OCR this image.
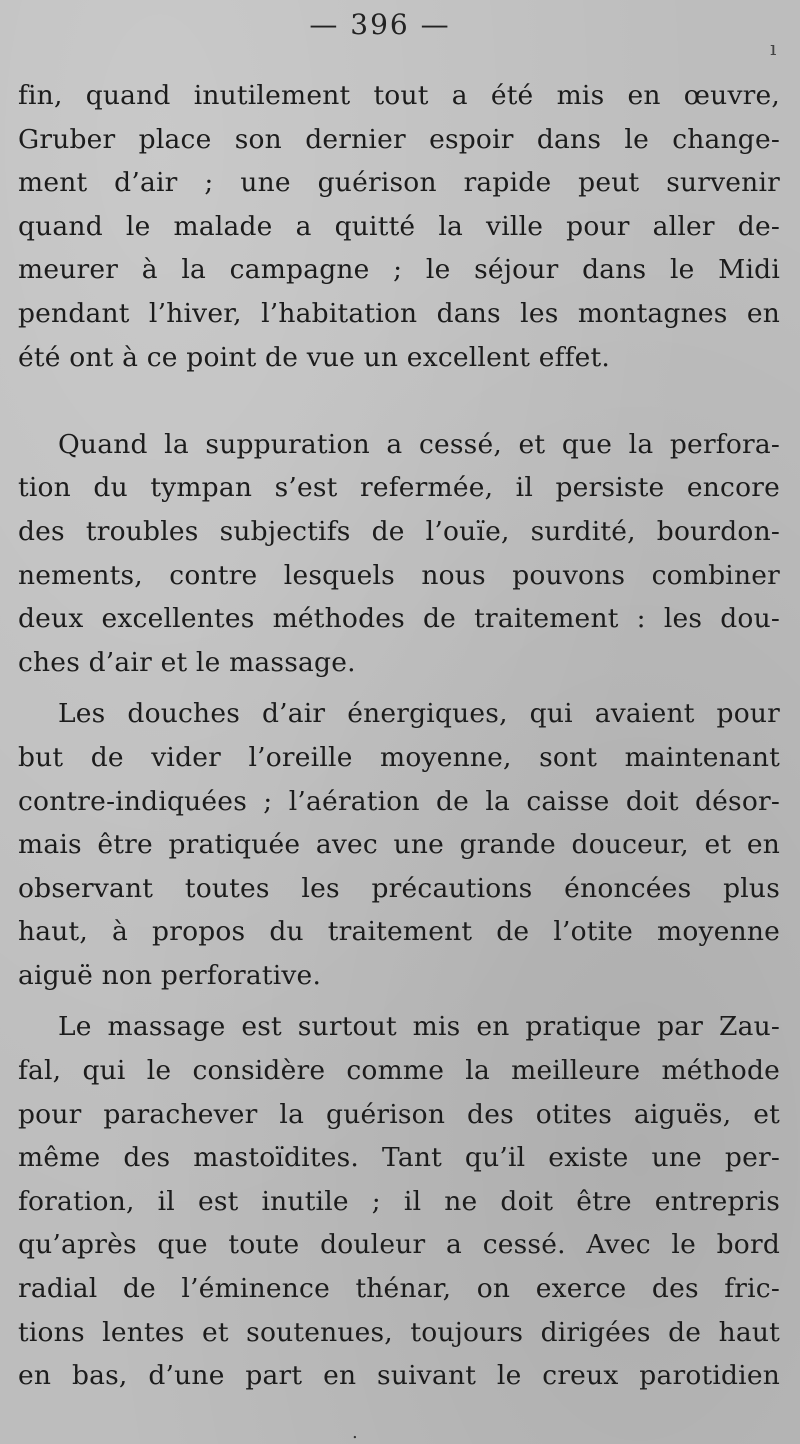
— 396 —
ı
fin, quand inutilement tout a été mis en œuvre,
Gruber place son dernier espoir dans le change-
ment d’air ; une guérison rapide peut survenir
quand le malade a quitté la ville pour aller de-
meurer à la campagne ; le séjour dans le Midi
pendant l’hiver, l’habitation dans les montagnes en
été ont à ce point de vue un excellent effet.
Quand la suppuration a cessé, et que la perfora-
tion du tympan s’est refermée, il persiste encore
des troubles subjectifs de l’ouïe, surdité, bourdon-
nements, contre lesquels nous pouvons combiner
deux excellentes méthodes de traitement : les dou-
ches d’air et le massage.
Les douches d’air énergiques, qui avaient pour
but de vider l’oreille moyenne, sont maintenant
contre-indiquées ; l’aération de la caisse doit désor-
mais être pratiquée avec une grande douceur, et en
observant toutes les précautions énoncées plus
haut, à propos du traitement de l’otite moyenne
aiguë non perforative.
Le massage est surtout mis en pratique par Zau-
fal, qui le considère comme la meilleure méthode
pour parachever la guérison des otites aiguës, et
même des mastoïdites. Tant qu’il existe une per-
foration, il est inutile ; il ne doit être entrepris
qu’après que toute douleur a cessé. Avec le bord
radial de l’éminence thénar, on exerce des fric-
tions lentes et soutenues, toujours dirigées de haut
en bas, d’une part en suivant le creux parotidien
.
